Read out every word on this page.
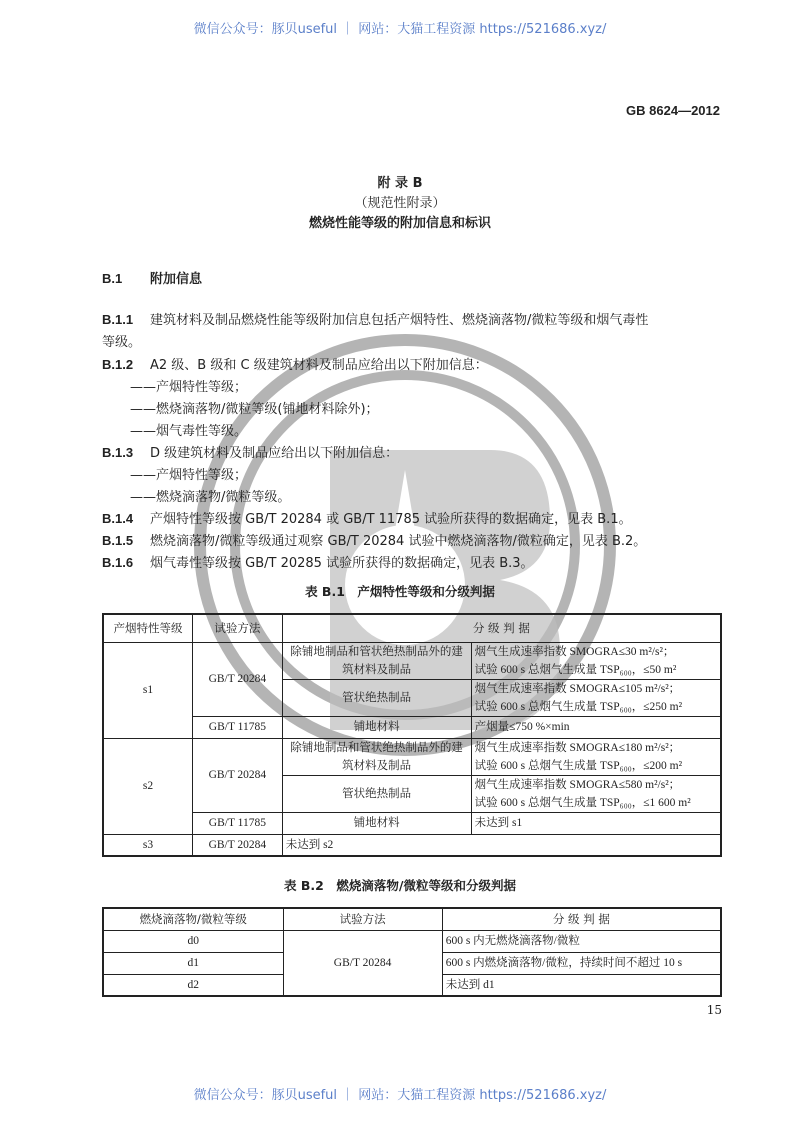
微信公众号：豚贝useful ｜ 网站：大猫工程资源 https://521686.xyz/
GB 8624—2012
附 录 B
（规范性附录）
燃烧性能等级的附加信息和标识
B.1 附加信息
B.1.1 建筑材料及制品燃烧性能等级附加信息包括产烟特性、燃烧滴落物/微粒等级和烟气毒性
等级。
B.1.2 A2 级、B 级和 C 级建筑材料及制品应给出以下附加信息：
——产烟特性等级；
——燃烧滴落物/微粒等级(铺地材料除外)；
——烟气毒性等级。
B.1.3 D 级建筑材料及制品应给出以下附加信息：
——产烟特性等级；
——燃烧滴落物/微粒等级。
B.1.4 产烟特性等级按 GB/T 20284 或 GB/T 11785 试验所获得的数据确定，见表 B.1。
B.1.5 燃烧滴落物/微粒等级通过观察 GB/T 20284 试验中燃烧滴落物/微粒确定，见表 B.2。
B.1.6 烟气毒性等级按 GB/T 20285 试验所获得的数据确定，见表 B.3。
表 B.1　产烟特性等级和分级判据
产烟特性等级	试验方法	分 级 判 据	
s1	GB/T 20284	除铺地制品和管状绝热制品外的建筑材料及制品	烟气生成速率指数 SMOGRA≤30 m²/s²；
试验 600 s 总烟气生成量 TSP₆₀₀，≤50 m²

		管状绝热制品	烟气生成速率指数 SMOGRA≤105 m²/s²；
试验 600 s 总烟气生成量 TSP₆₀₀，≤250 m²

	GB/T 11785	铺地材料	产烟量≤750 %×min
s2	GB/T 20284	除铺地制品和管状绝热制品外的建筑材料及制品	烟气生成速率指数 SMOGRA≤180 m²/s²；
试验 600 s 总烟气生成量 TSP₆₀₀，≤200 m²

		管状绝热制品	烟气生成速率指数 SMOGRA≤580 m²/s²；
试验 600 s 总烟气生成量 TSP₆₀₀，≤1 600 m²

	GB/T 11785	铺地材料	未达到 s1
s3	GB/T 20284	未达到 s2	
表 B.2　燃烧滴落物/微粒等级和分级判据
燃烧滴落物/微粒等级	试验方法	分 级 判 据
d0	GB/T 20284	600 s 内无燃烧滴落物/微粒
d1		600 s 内燃烧滴落物/微粒，持续时间不超过 10 s
d2		未达到 d1
15
微信公众号：豚贝useful ｜ 网站：大猫工程资源 https://521686.xyz/
